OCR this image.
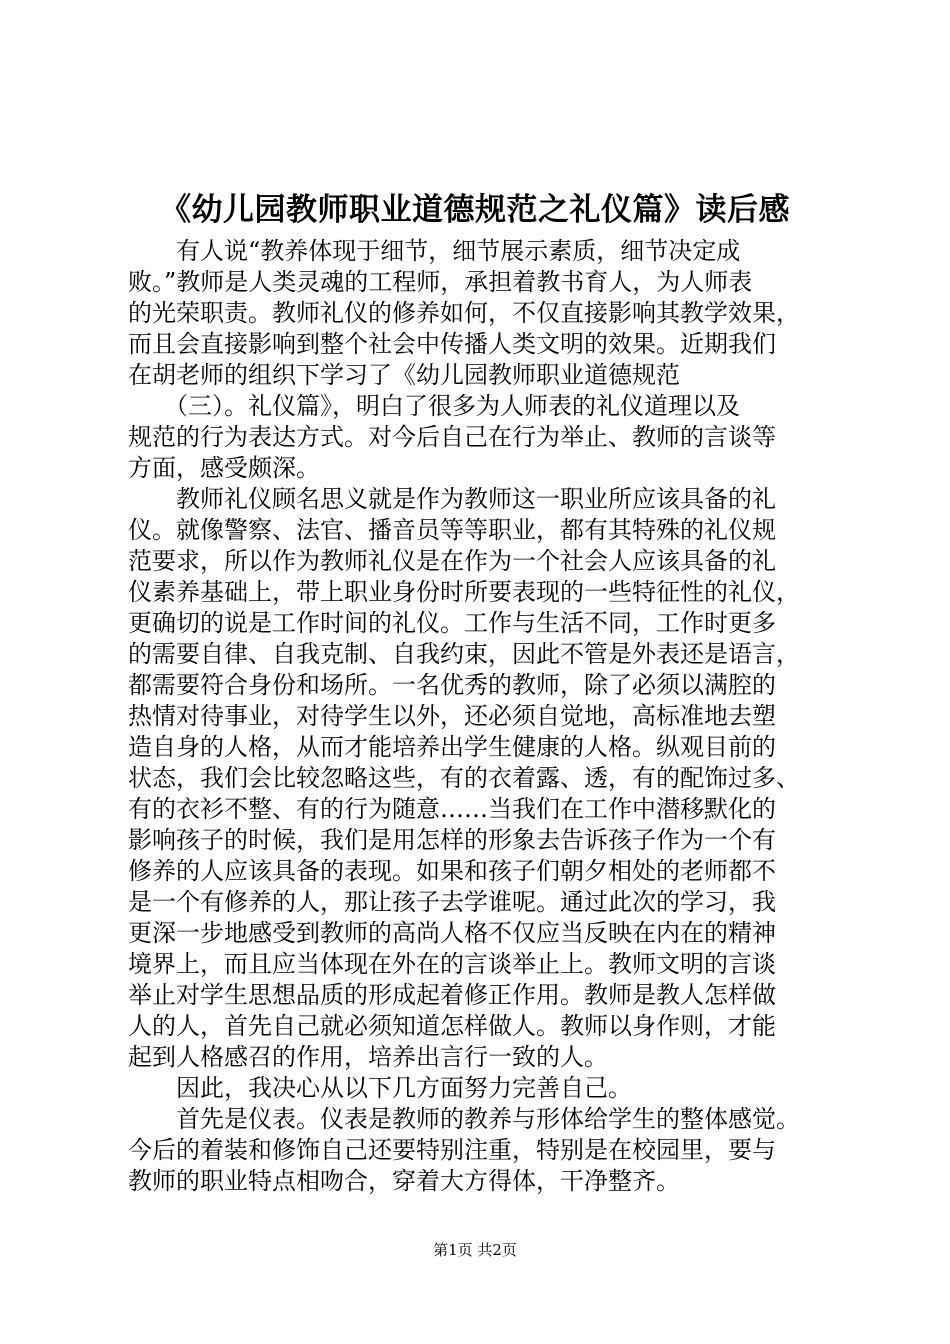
《幼儿园教师职业道德规范之礼仪篇》读后感
　　有人说“教养体现于细节，细节展示素质，细节决定成
败。”教师是人类灵魂的工程师，承担着教书育人，为人师表
的光荣职责。教师礼仪的修养如何，不仅直接影响其教学效果，
而且会直接影响到整个社会中传播人类文明的效果。近期我们
在胡老师的组织下学习了《幼儿园教师职业道德规范
　　（三）。礼仪篇》，明白了很多为人师表的礼仪道理以及
规范的行为表达方式。对今后自己在行为举止、教师的言谈等
方面，感受颇深。
　　教师礼仪顾名思义就是作为教师这一职业所应该具备的礼
仪。就像警察、法官、播音员等等职业，都有其特殊的礼仪规
范要求，所以作为教师礼仪是在作为一个社会人应该具备的礼
仪素养基础上，带上职业身份时所要表现的一些特征性的礼仪，
更确切的说是工作时间的礼仪。工作与生活不同，工作时更多
的需要自律、自我克制、自我约束，因此不管是外表还是语言，
都需要符合身份和场所。一名优秀的教师，除了必须以满腔的
热情对待事业，对待学生以外，还必须自觉地，高标准地去塑
造自身的人格，从而才能培养出学生健康的人格。纵观目前的
状态，我们会比较忽略这些，有的衣着露、透，有的配饰过多、
有的衣衫不整、有的行为随意……当我们在工作中潜移默化的
影响孩子的时候，我们是用怎样的形象去告诉孩子作为一个有
修养的人应该具备的表现。如果和孩子们朝夕相处的老师都不
是一个有修养的人，那让孩子去学谁呢。通过此次的学习，我
更深一步地感受到教师的高尚人格不仅应当反映在内在的精神
境界上，而且应当体现在外在的言谈举止上。教师文明的言谈
举止对学生思想品质的形成起着修正作用。教师是教人怎样做
人的人，首先自己就必须知道怎样做人。教师以身作则，才能
起到人格感召的作用，培养出言行一致的人。
　　因此，我决心从以下几方面努力完善自己。
　　首先是仪表。仪表是教师的教养与形体给学生的整体感觉。
今后的着装和修饰自己还要特别注重，特别是在校园里，要与
教师的职业特点相吻合，穿着大方得体，干净整齐。
第1页 共2页
